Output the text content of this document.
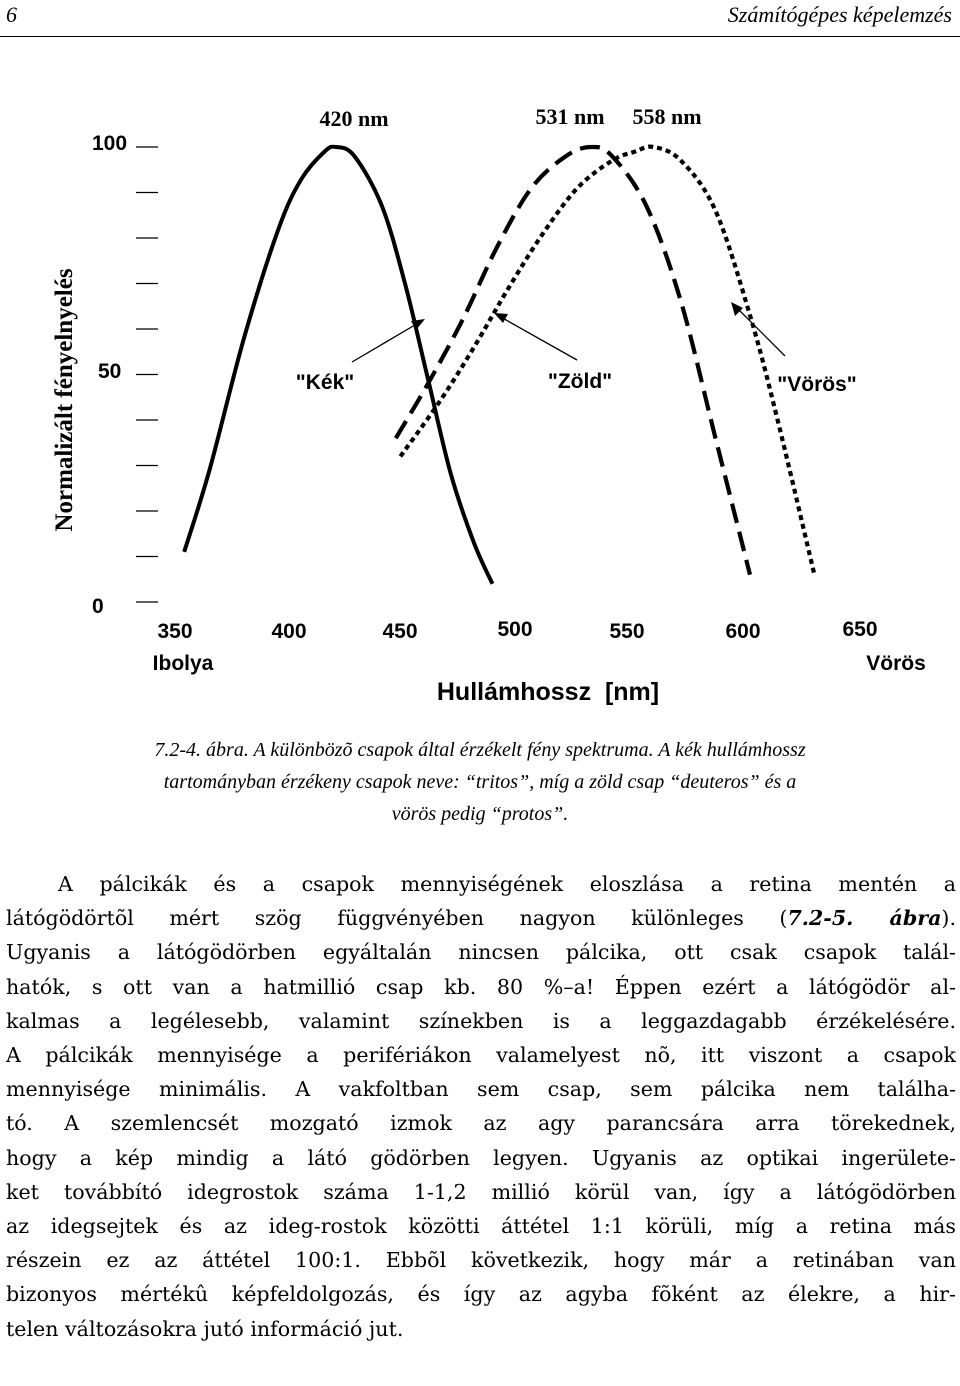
6	Számítógépes képelemzés
Normalizált fényelnyelés
0
50
100
350	400	450	500	550	600	650
Ibolya	Vörös
Hullámhossz  [nm]
420 nm	531 nm 558 nm
"Kék"	"Zöld"	"Vörös"
7.2-4. ábra. A különbözõ csapok által érzékelt fény spektruma. A kék hullámhossz
tartományban érzékeny csapok neve: “tritos”, míg a zöld csap “deuteros” és a
vörös pedig “protos”.
A pálcikák és a csapok mennyiségének eloszlása a retina mentén a
látógödörtõl mért szög függvényében nagyon különleges (7.2-5. ábra).
Ugyanis a látógödörben egyáltalán nincsen pálcika, ott csak csapok talál-
hatók, s ott van a hatmillió csap kb. 80 %–a! Éppen ezért a látógödör al-
kalmas a legélesebb, valamint színekben is a leggazdagabb érzékelésére.
A pálcikák mennyisége a perifériákon valamelyest nõ, itt viszont a csapok
mennyisége minimális. A vakfoltban sem csap, sem pálcika nem találha-
tó. A szemlencsét mozgató izmok az agy parancsára arra törekednek,
hogy a kép mindig a látó gödörben legyen. Ugyanis az optikai ingerülete-
ket továbbító idegrostok száma 1-1,2 millió körül van, így a látógödörben
az idegsejtek és az ideg-rostok közötti áttétel 1:1 körüli, míg a retina más
részein ez az áttétel 100:1. Ebbõl következik, hogy már a retinában van
bizonyos mértékû képfeldolgozás, és így az agyba fõként az élekre, a hir-
telen változásokra jutó információ jut.
